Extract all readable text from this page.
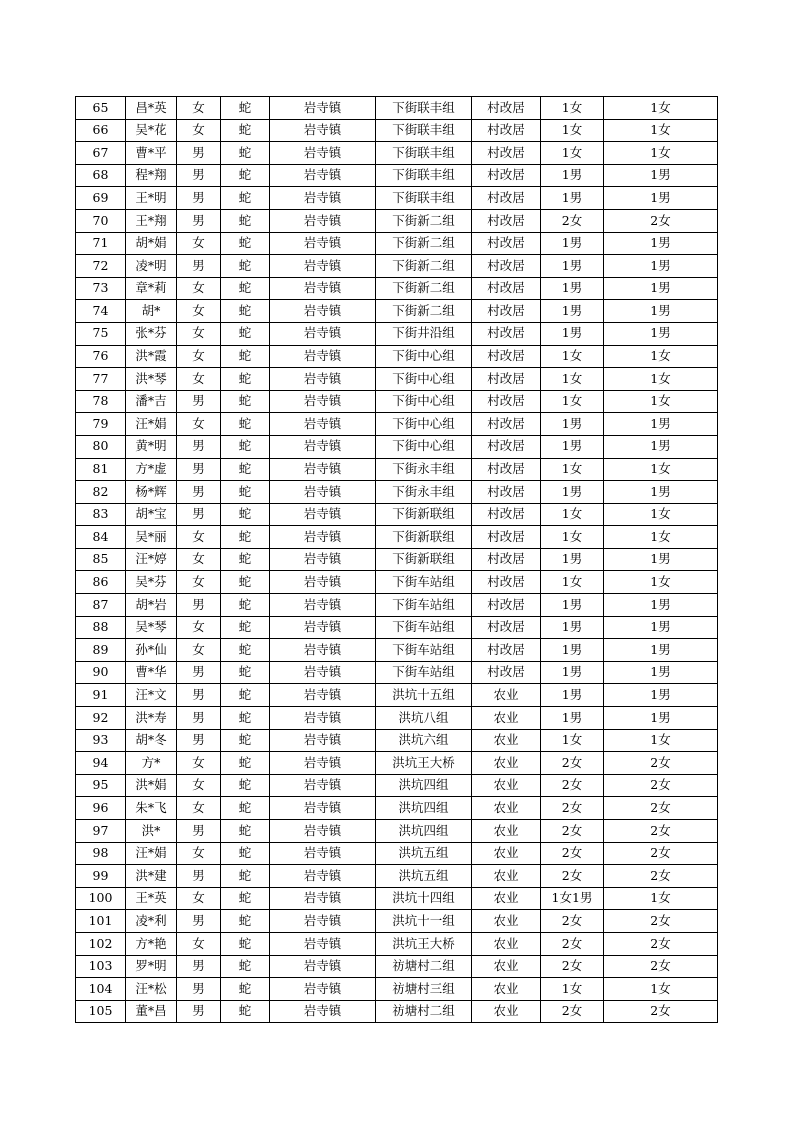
65	昌*英	女	蛇	岩寺镇	下街联丰组	村改居	1女	1女
66	吴*花	女	蛇	岩寺镇	下街联丰组	村改居	1女	1女
67	曹*平	男	蛇	岩寺镇	下街联丰组	村改居	1女	1女
68	程*翔	男	蛇	岩寺镇	下街联丰组	村改居	1男	1男
69	王*明	男	蛇	岩寺镇	下街联丰组	村改居	1男	1男
70	王*翔	男	蛇	岩寺镇	下街新二组	村改居	2女	2女
71	胡*娟	女	蛇	岩寺镇	下街新二组	村改居	1男	1男
72	凌*明	男	蛇	岩寺镇	下街新二组	村改居	1男	1男
73	章*莉	女	蛇	岩寺镇	下街新二组	村改居	1男	1男
74	胡*	女	蛇	岩寺镇	下街新二组	村改居	1男	1男
75	张*芬	女	蛇	岩寺镇	下街井沿组	村改居	1男	1男
76	洪*霞	女	蛇	岩寺镇	下街中心组	村改居	1女	1女
77	洪*琴	女	蛇	岩寺镇	下街中心组	村改居	1女	1女
78	潘*吉	男	蛇	岩寺镇	下街中心组	村改居	1女	1女
79	汪*娟	女	蛇	岩寺镇	下街中心组	村改居	1男	1男
80	黄*明	男	蛇	岩寺镇	下街中心组	村改居	1男	1男
81	方*虚	男	蛇	岩寺镇	下街永丰组	村改居	1女	1女
82	杨*辉	男	蛇	岩寺镇	下街永丰组	村改居	1男	1男
83	胡*宝	男	蛇	岩寺镇	下街新联组	村改居	1女	1女
84	吴*丽	女	蛇	岩寺镇	下街新联组	村改居	1女	1女
85	汪*婷	女	蛇	岩寺镇	下街新联组	村改居	1男	1男
86	吴*芬	女	蛇	岩寺镇	下街车站组	村改居	1女	1女
87	胡*岩	男	蛇	岩寺镇	下街车站组	村改居	1男	1男
88	吴*琴	女	蛇	岩寺镇	下街车站组	村改居	1男	1男
89	孙*仙	女	蛇	岩寺镇	下街车站组	村改居	1男	1男
90	曹*华	男	蛇	岩寺镇	下街车站组	村改居	1男	1男
91	汪*文	男	蛇	岩寺镇	洪坑十五组	农业	1男	1男
92	洪*寿	男	蛇	岩寺镇	洪坑八组	农业	1男	1男
93	胡*冬	男	蛇	岩寺镇	洪坑六组	农业	1女	1女
94	方*	女	蛇	岩寺镇	洪坑王大桥	农业	2女	2女
95	洪*娟	女	蛇	岩寺镇	洪坑四组	农业	2女	2女
96	朱*飞	女	蛇	岩寺镇	洪坑四组	农业	2女	2女
97	洪*	男	蛇	岩寺镇	洪坑四组	农业	2女	2女
98	汪*娟	女	蛇	岩寺镇	洪坑五组	农业	2女	2女
99	洪*建	男	蛇	岩寺镇	洪坑五组	农业	2女	2女
100	王*英	女	蛇	岩寺镇	洪坑十四组	农业	1女1男	1女
101	凌*利	男	蛇	岩寺镇	洪坑十一组	农业	2女	2女
102	方*艳	女	蛇	岩寺镇	洪坑王大桥	农业	2女	2女
103	罗*明	男	蛇	岩寺镇	祊塘村二组	农业	2女	2女
104	汪*松	男	蛇	岩寺镇	祊塘村三组	农业	1女	1女
105	董*昌	男	蛇	岩寺镇	祊塘村二组	农业	2女	2女
